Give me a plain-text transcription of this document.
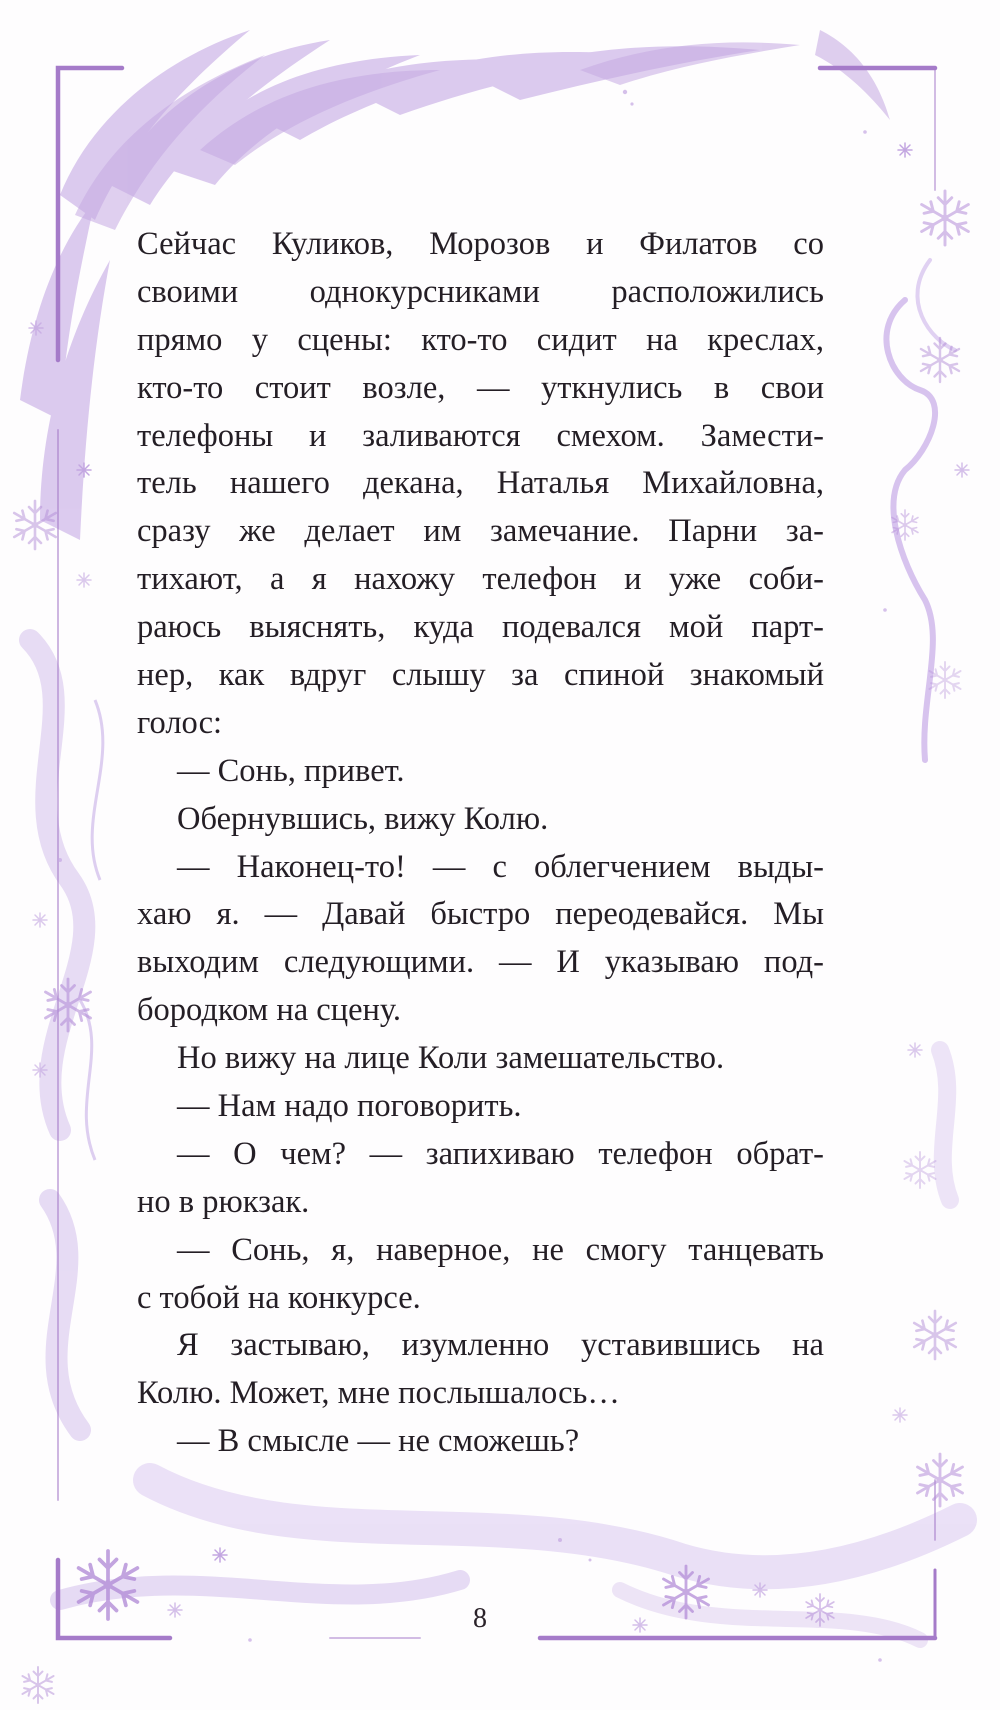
Сейчас Куликов, Морозов и Филатов со
своими однокурсниками расположились
прямо у сцены: кто-то сидит на креслах,
кто-то стоит возле, — уткнулись в свои
телефоны и заливаются смехом. Замести-
тель нашего декана, Наталья Михайловна,
сразу же делает им замечание. Парни за-
тихают, а я нахожу телефон и уже соби-
раюсь выяснять, куда подевался мой парт-
нер, как вдруг слышу за спиной знакомый
голос:
— Сонь, привет.
Обернувшись, вижу Колю.
— Наконец-то! — с облегчением выды-
хаю я. — Давай быстро переодевайся. Мы
выходим следующими. — И указываю под-
бородком на сцену.
Но вижу на лице Коли замешательство.
— Нам надо поговорить.
— О чем? — запихиваю телефон обрат-
но в рюкзак.
— Сонь, я, наверное, не смогу танцевать
с тобой на конкурсе.
Я застываю, изумленно уставившись на
Колю. Может, мне послышалось…
— В смысле — не сможешь?
8
